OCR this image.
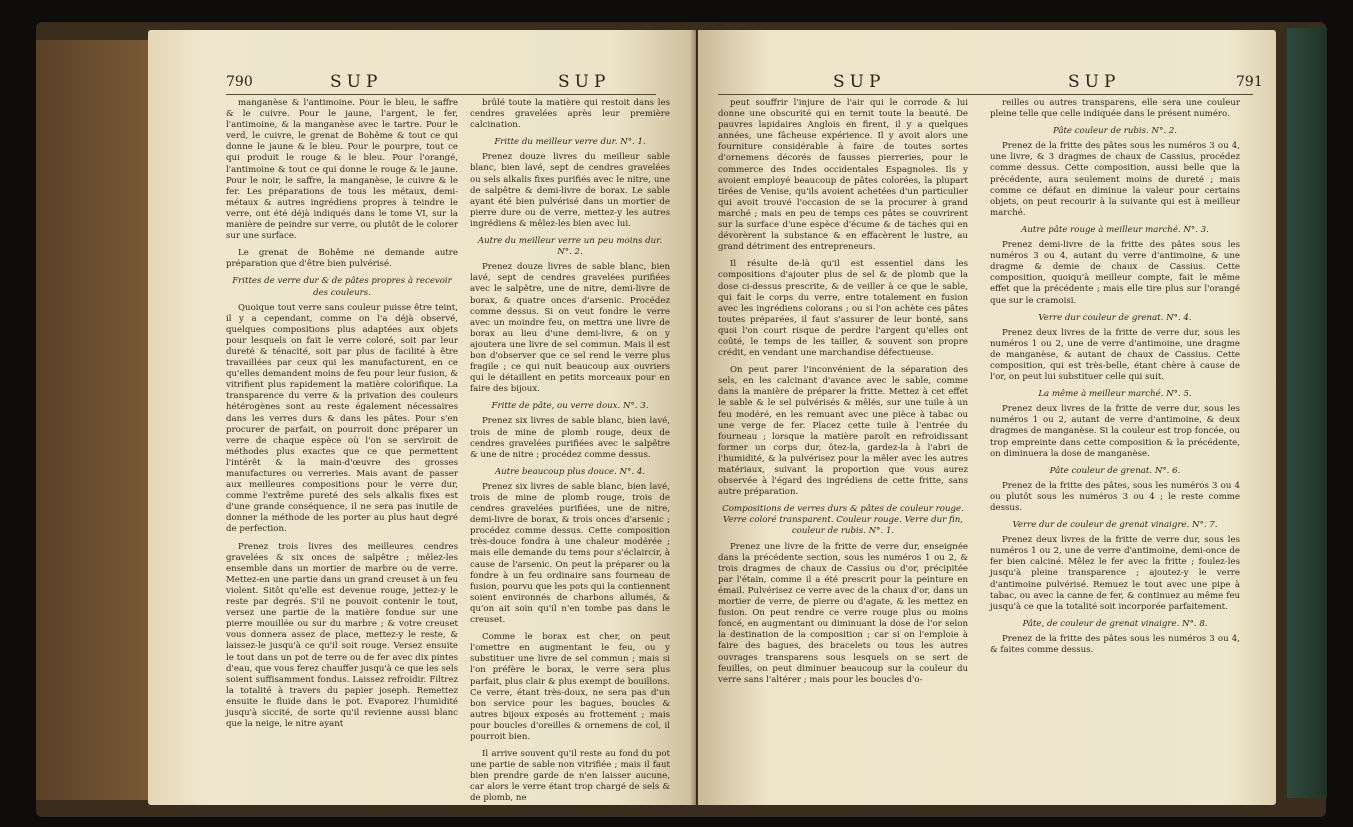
790	SUP	SUP

manganèse & l'antimoine. Pour le bleu, le saffre & le cuivre. Pour le jaune, l'argent, le fer, l'antimoine, & la manganèse avec le tartre. Pour le verd, le cuivre, le grenat de Bohême & tout ce qui donne le jaune & le bleu. Pour le pourpre, tout ce qui produit le rouge & le bleu. Pour l'orangé, l'antimoine & tout ce qui donne le rouge & le jaune. Pour le noir, le saffre, la manganèse, le cuivre & le fer. Les préparations de tous les métaux, demi-métaux & autres ingrédiens propres à teindre le verre, ont été déjà indiqués dans le tome VI, sur la manière de peindre sur verre, ou plutôt de le colorer sur une surface.

Le grenat de Bohême ne demande autre préparation que d'être bien pulvérisé.

Frittes de verre dur & de pâtes propres à recevoir des couleurs.

Quoique tout verre sans couleur puisse être teint, il y a cependant, comme on l'a déjà observé, quelques compositions plus adaptées aux objets pour lesquels on fait le verre coloré, soit par leur dureté & ténacité, soit par plus de facilité à être travaillées par ceux qui les manufacturent, en ce qu'elles demandent moins de feu pour leur fusion, & vitrifient plus rapidement la matière colorifique. La transparence du verre & la privation des couleurs hétérogènes sont au reste également nécessaires dans les verres durs & dans les pâtes. Pour s'en procurer de parfait, on pourroit donc préparer un verre de chaque espèce où l'on se serviroit de méthodes plus exactes que ce que permettent l'intérêt & la main-d'œuvre des grosses manufactures ou verreries. Mais avant de passer aux meilleures compositions pour le verre dur, comme l'extrême pureté des sels alkalis fixes est d'une grande conséquence, il ne sera pas inutile de donner la méthode de les porter au plus haut degré de perfection.

Prenez trois livres des meilleures cendres gravelées & six onces de salpêtre ; mêlez-les ensemble dans un mortier de marbre ou de verre. Mettez-en une partie dans un grand creuset à un feu violent. Sitôt qu'elle est devenue rouge, jettez-y le reste par degrés. S'il ne pouvoit contenir le tout, versez une partie de la matière fondue sur une pierre mouillée ou sur du marbre ; & votre creuset vous donnera assez de place, mettez-y le reste, & laissez-le jusqu'à ce qu'il soit rouge. Versez ensuite le tout dans un pot de terre ou de fer avec dix pintes d'eau, que vous ferez chauffer jusqu'à ce que les sels soient suffisamment fondus. Laissez refroidir. Filtrez la totalité à travers du papier joseph. Remettez ensuite le fluide dans le pot. Evaporez l'humidité jusqu'à siccité, de sorte qu'il revienne aussi blanc que la neige, le nitre ayant

brûlé toute la matière qui restoit dans les cendres gravelées après leur première calcination.

Fritte du meilleur verre dur. N°. 1.

Prenez douze livres du meilleur sable blanc, bien lavé, sept de cendres gravelées ou sels alkalis fixes purifiés avec le nitre, une de salpêtre & demi-livre de borax. Le sable ayant été bien pulvérisé dans un mortier de pierre dure ou de verre, mettez-y les autres ingrédiens & mêlez-les bien avec lui.

Autre du meilleur verre un peu moins dur. N°. 2.

Prenez douze livres de sable blanc, bien lavé, sept de cendres gravelées purifiées avec le salpêtre, une de nitre, demi-livre de borax, & quatre onces d'arsenic. Procédez comme dessus. Si on veut fondre le verre avec un moindre feu, on mettra une livre de borax au lieu d'une demi-livre, & on y ajoutera une livre de sel commun. Mais il est bon d'observer que ce sel rend le verre plus fragile ; ce qui nuit beaucoup aux ouvriers qui le détaillent en petits morceaux pour en faire des bijoux.

Fritte de pâte, ou verre doux. N°. 3.

Prenez six livres de sable blanc, bien lavé, trois de mine de plomb rouge, deux de cendres gravelées purifiées avec le salpêtre & une de nitre ; procédez comme dessus.

Autre beaucoup plus douce. N°. 4.

Prenez six livres de sable blanc, bien lavé, trois de mine de plomb rouge, trois de cendres gravelées purifiées, une de nitre, demi-livre de borax, & trois onces d'arsenic ; procédez comme dessus. Cette composition très-douce fondra à une chaleur modérée ; mais elle demande du tems pour s'éclaircir, à cause de l'arsenic. On peut la préparer ou la fondre à un feu ordinaire sans fourneau de fusion, pourvu que les pots qui la contiennent soient environnés de charbons allumés, & qu'on ait soin qu'il n'en tombe pas dans le creuset.

Comme le borax est cher, on peut l'omettre en augmentant le feu, ou y substituer une livre de sel commun ; mais si l'on préfère le borax, le verre sera plus parfait, plus clair & plus exempt de bouillons. Ce verre, étant très-doux, ne sera pas d'un bon service pour les bagues, boucles & autres bijoux exposés au frottement ; mais pour boucles d'oreilles & ornemens de col, il pourroit bien.

Il arrive souvent qu'il reste au fond du pot une partie de sable non vitrifiée ; mais il faut bien prendre garde de n'en laisser aucune, car alors le verre étant trop chargé de sels & de plomb, ne

SUP	SUP	791

peut souffrir l'injure de l'air qui le corrode & lui donne une obscurité qui en ternit toute la beauté. De pauvres lapidaires Anglois en firent, il y a quelques années, une fâcheuse expérience. Il y avoit alors une fourniture considérable à faire de toutes sortes d'ornemens décorés de fausses pierreries, pour le commerce des Indes occidentales Espagnoles. Ils y avoient employé beaucoup de pâtes colorées, la plupart tirées de Venise, qu'ils avoient achetées d'un particulier qui avoit trouvé l'occasion de se la procurer à grand marché ; mais en peu de temps ces pâtes se couvrirent sur la surface d'une espèce d'écume & de taches qui en dévorèrent la substance & en effacèrent le lustre, au grand détriment des entrepreneurs.

Il résulte de-là qu'il est essentiel dans les compositions d'ajouter plus de sel & de plomb que la dose ci-dessus prescrite, & de veiller à ce que le sable, qui fait le corps du verre, entre totalement en fusion avec les ingrédiens colorans ; ou si l'on achète ces pâtes toutes préparées, il faut s'assurer de leur bonté, sans quoi l'on court risque de perdre l'argent qu'elles ont coûté, le temps de les tailler, & souvent son propre crédit, en vendant une marchandise défectueuse.

On peut parer l'inconvénient de la séparation des sels, en les calcinant d'avance avec le sable, comme dans la manière de préparer la fritte. Mettez à cet effet le sable & le sel pulvérisés & mêlés, sur une tuile à un feu modéré, en les remuant avec une pièce à tabac ou une verge de fer. Placez cette tuile à l'entrée du fourneau ; lorsque la matière paroît en refroidissant former un corps dur, ôtez-la, gardez-la à l'abri de l'humidité, & la pulvérisez pour la mêler avec les autres matériaux, suivant la proportion que vous aurez observée à l'égard des ingrédiens de cette fritte, sans autre préparation.

Compositions de verres durs & pâtes de couleur rouge. Verre coloré transparent. Couleur rouge. Verre dur fin, couleur de rubis. N°. 1.

Prenez une livre de la fritte de verre dur, enseignée dans la précédente section, sous les numéros 1 ou 2, & trois dragmes de chaux de Cassius ou d'or, précipitée par l'étain, comme il a été prescrit pour la peinture en émail. Pulvérisez ce verre avec de la chaux d'or, dans un mortier de verre, de pierre ou d'agate, & les mettez en fusion. On peut rendre ce verre rouge plus ou moins foncé, en augmentant ou diminuant la dose de l'or selon la destination de la composition ; car si on l'emploie à faire des bagues, des bracelets ou tous les autres ouvrages transparens sous lesquels on se sert de feuilles, on peut diminuer beaucoup sur la couleur du verre sans l'altérer ; mais pour les boucles d'o-

reilles ou autres transparens, elle sera une couleur pleine telle que celle indiquée dans le présent numéro.

Pâte couleur de rubis. N°. 2.

Prenez de la fritte des pâtes sous les numéros 3 ou 4, une livre, & 3 dragmes de chaux de Cassius, procédez comme dessus. Cette composition, aussi belle que la précédente, aura seulement moins de dureté ; mais comme ce défaut en diminue la valeur pour certains objets, on peut recourir à la suivante qui est à meilleur marché.

Autre pâte rouge à meilleur marché. N°. 3.

Prenez demi-livre de la fritte des pâtes sous les numéros 3 ou 4, autant du verre d'antimoine, & une dragme & demie de chaux de Cassius. Cette composition, quoiqu'à meilleur compte, fait le même effet que la précédente ; mais elle tire plus sur l'orangé que sur le cramoisi.

Verre dur couleur de grenat. N°. 4.

Prenez deux livres de la fritte de verre dur, sous les numéros 1 ou 2, une de verre d'antimoine, une dragme de manganèse, & autant de chaux de Cassius. Cette composition, qui est très-belle, étant chère à cause de l'or, on peut lui substituer celle qui suit.

La même à meilleur marché. N°. 5.

Prenez deux livres de la fritte de verre dur, sous les numéros 1 ou 2, autant de verre d'antimoine, & deux dragmes de manganèse. Si la couleur est trop foncée, ou trop empreinte dans cette composition & la précédente, on diminuera la dose de manganèse.

Pâte couleur de grenat. N°. 6.

Prenez de la fritte des pâtes, sous les numéros 3 ou 4 ou plutôt sous les numéros 3 ou 4 ; le reste comme dessus.

Verre dur de couleur de grenat vinaigre. N°. 7.

Prenez deux livres de la fritte de verre dur, sous les numéros 1 ou 2, une de verre d'antimoine, demi-once de fer bien calciné. Mêlez le fer avec la fritte ; foulez-les jusqu'à pleine transparence ; ajoutez-y le verre d'antimoine pulvérisé. Remuez le tout avec une pipe à tabac, ou avec la canne de fer, & continuez au même feu jusqu'à ce que la totalité soit incorporée parfaitement.

Pâte, de couleur de grenat vinaigre. N°. 8.

Prenez de la fritte des pâtes sous les numéros 3 ou 4, & faites comme dessus.
